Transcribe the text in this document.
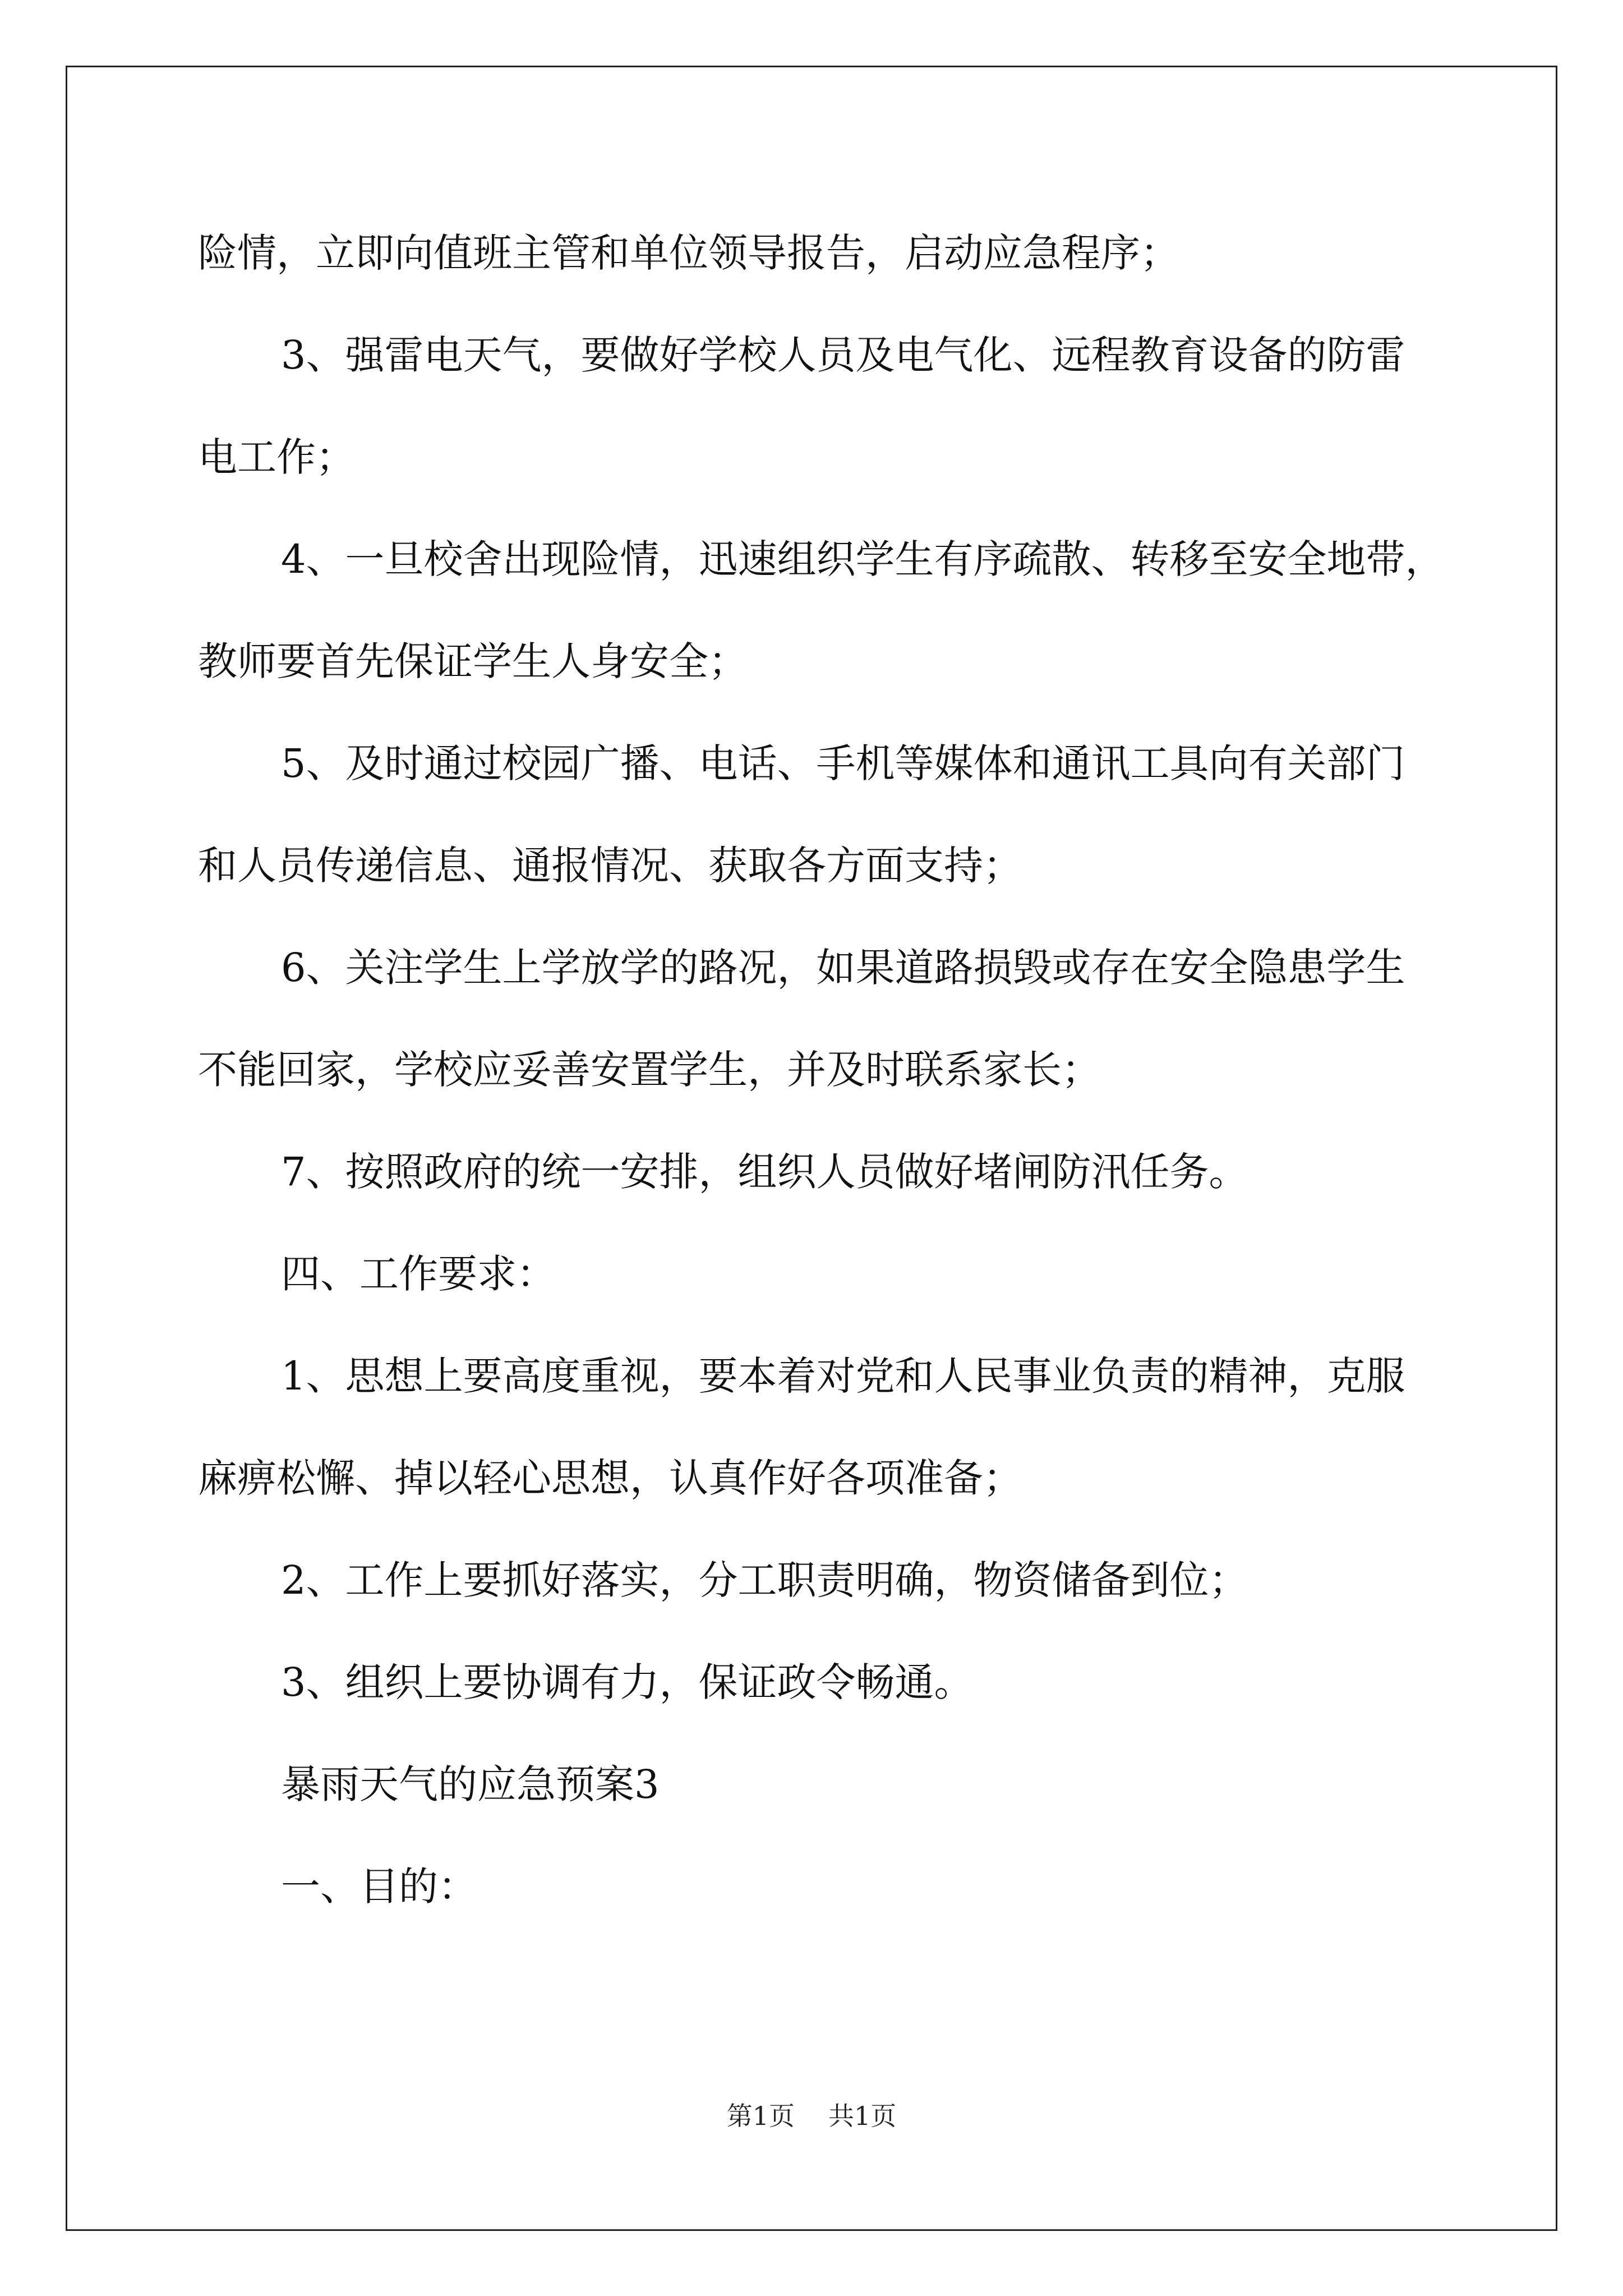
险情，立即向值班主管和单位领导报告，启动应急程序；
3、强雷电天气，要做好学校人员及电气化、远程教育设备的防雷
电工作；
4、一旦校舍出现险情，迅速组织学生有序疏散、转移至安全地带，
教师要首先保证学生人身安全；
5、及时通过校园广播、电话、手机等媒体和通讯工具向有关部门
和人员传递信息、通报情况、获取各方面支持；
6、关注学生上学放学的路况，如果道路损毁或存在安全隐患学生
不能回家，学校应妥善安置学生，并及时联系家长；
7、按照政府的统一安排，组织人员做好堵闸防汛任务。
四、工作要求：
1、思想上要高度重视，要本着对党和人民事业负责的精神，克服
麻痹松懈、掉以轻心思想，认真作好各项准备；
2、工作上要抓好落实，分工职责明确，物资储备到位；
3、组织上要协调有力，保证政令畅通。
暴雨天气的应急预案3
一、目的：
第1页 共1页
